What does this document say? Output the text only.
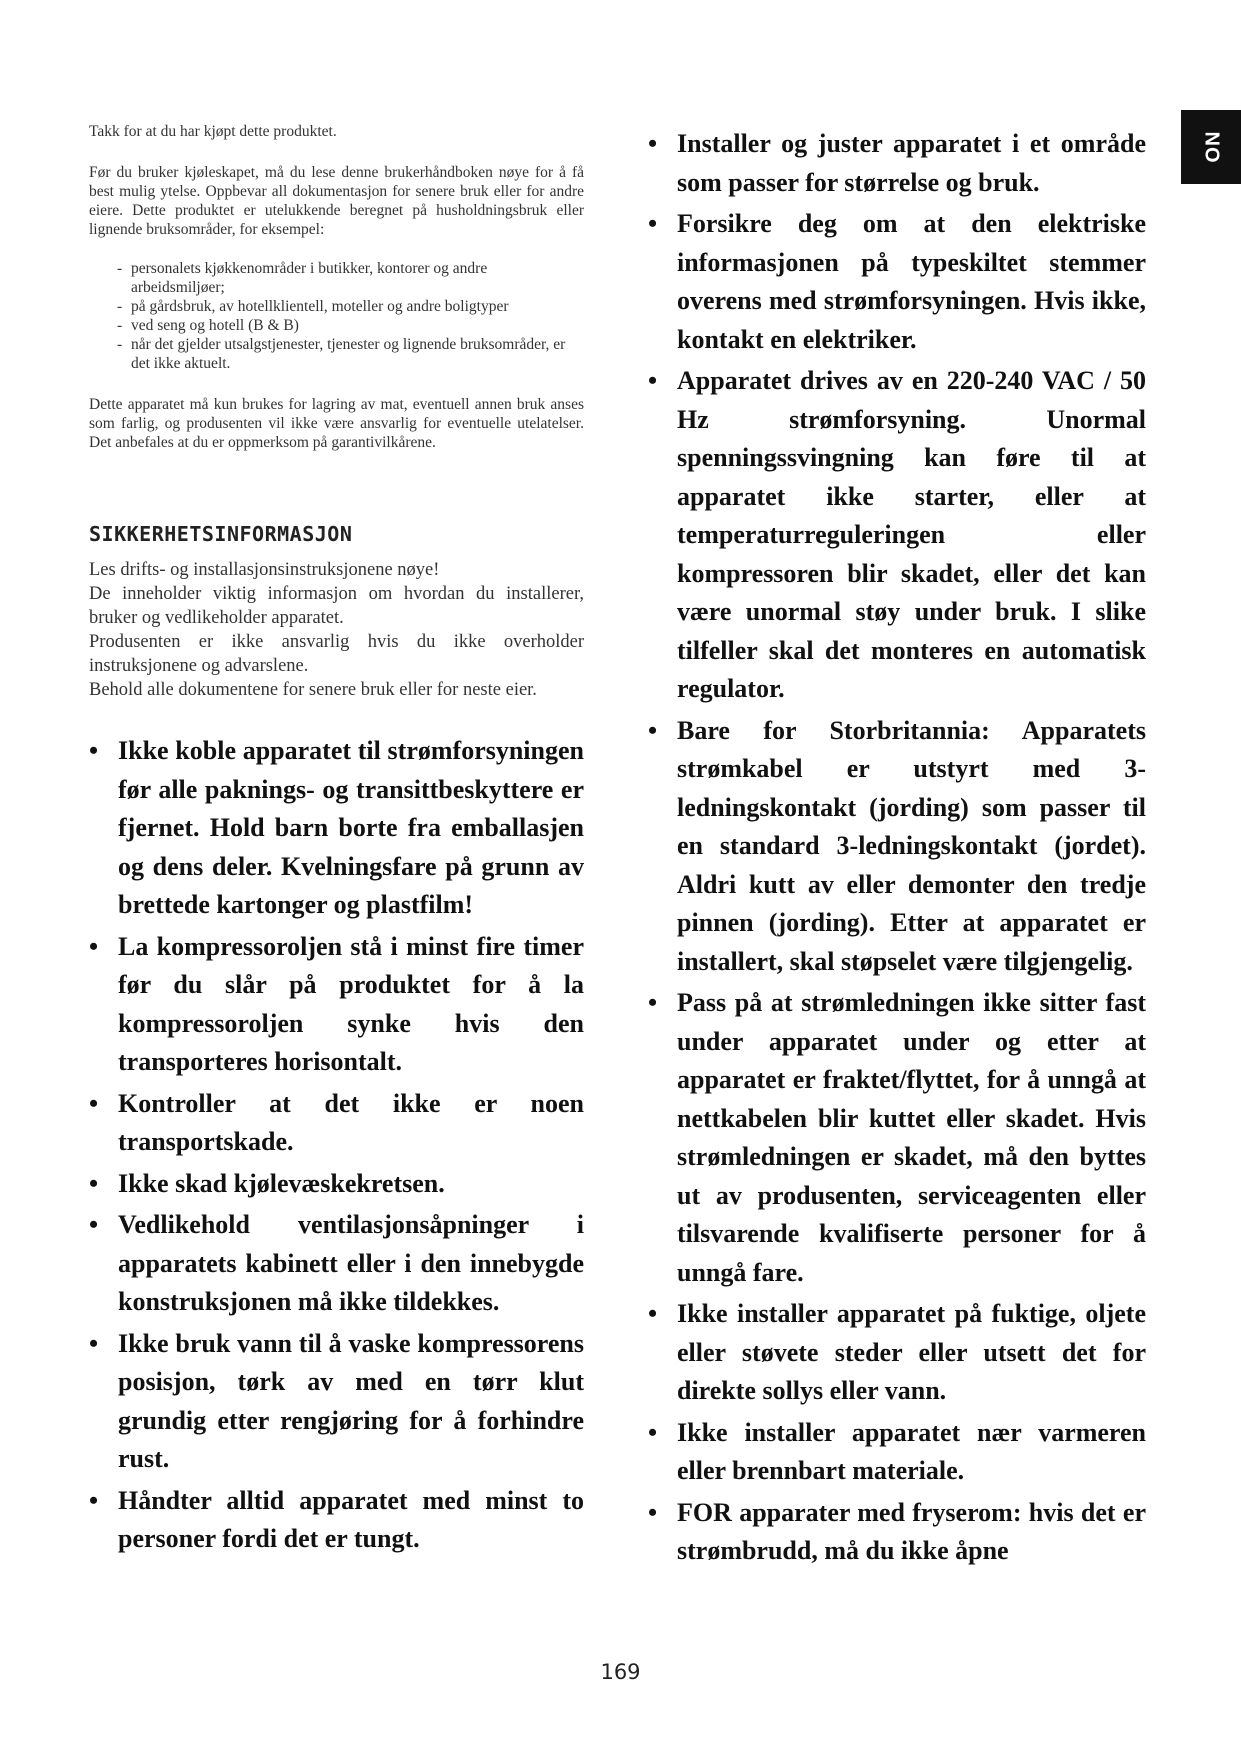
NO

Takk for at du har kjøpt dette produktet.

Før du bruker kjøleskapet, må du lese denne brukerhåndboken nøye for å få best mulig ytelse. Oppbevar all dokumentasjon for senere bruk eller for andre eiere. Dette produktet er utelukkende beregnet på husholdningsbruk eller lignende bruksområder, for eksempel:

- personalets kjøkkenområder i butikker, kontorer og andre arbeidsmiljøer;
- på gårdsbruk, av hotellklientell, moteller og andre boligtyper
- ved seng og hotell (B & B)
- når det gjelder utsalgstjenester, tjenester og lignende bruksområder, er det ikke aktuelt.

Dette apparatet må kun brukes for lagring av mat, eventuell annen bruk anses som farlig, og produsenten vil ikke være ansvarlig for eventuelle utelatelser. Det anbefales at du er oppmerksom på garantivilkårene.

SIKKERHETSINFORMASJON
Les drifts- og installasjonsinstruksjonene nøye!
De inneholder viktig informasjon om hvordan du installerer, bruker og vedlikeholder apparatet.
Produsenten er ikke ansvarlig hvis du ikke overholder instruksjonene og advarslene.
Behold alle dokumentene for senere bruk eller for neste eier.
• Ikke koble apparatet til strømforsyningen før alle paknings- og transittbeskyttere er fjernet. Hold barn borte fra emballasjen og dens deler. Kvelningsfare på grunn av brettede kartonger og plastfilm!
• La kompressoroljen stå i minst fire timer før du slår på produktet for å la kompressoroljen synke hvis den transporteres horisontalt.
• Kontroller at det ikke er noen transportskade.
• Ikke skad kjølevæskekretsen.
• Vedlikehold ventilasjonsåpninger i apparatets kabinett eller i den innebygde konstruksjonen må ikke tildekkes.
• Ikke bruk vann til å vaske kompressorens posisjon, tørk av med en tørr klut grundig etter rengjøring for å forhindre rust.
• Håndter alltid apparatet med minst to personer fordi det er tungt.
• Installer og juster apparatet i et område som passer for størrelse og bruk.
• Forsikre deg om at den elektriske informasjonen på typeskiltet stemmer overens med strømforsyningen. Hvis ikke, kontakt en elektriker.
• Apparatet drives av en 220-240 VAC / 50 Hz strømforsyning. Unormal spenningssvingning kan føre til at apparatet ikke starter, eller at temperaturreguleringen eller kompressoren blir skadet, eller det kan være unormal støy under bruk. I slike tilfeller skal det monteres en automatisk regulator.
• Bare for Storbritannia: Apparatets strømkabel er utstyrt med 3-ledningskontakt (jording) som passer til en standard 3-ledningskontakt (jordet). Aldri kutt av eller demonter den tredje pinnen (jording). Etter at apparatet er installert, skal støpselet være tilgjengelig.
• Pass på at strømledningen ikke sitter fast under apparatet under og etter at apparatet er fraktet/flyttet, for å unngå at nettkabelen blir kuttet eller skadet. Hvis strømledningen er skadet, må den byttes ut av produsenten, serviceagenten eller tilsvarende kvalifiserte personer for å unngå fare.
• Ikke installer apparatet på fuktige, oljete eller støvete steder eller utsett det for direkte sollys eller vann.
• Ikke installer apparatet nær varmeren eller brennbart materiale.
• FOR apparater med fryserom: hvis det er strømbrudd, må du ikke åpne
169
